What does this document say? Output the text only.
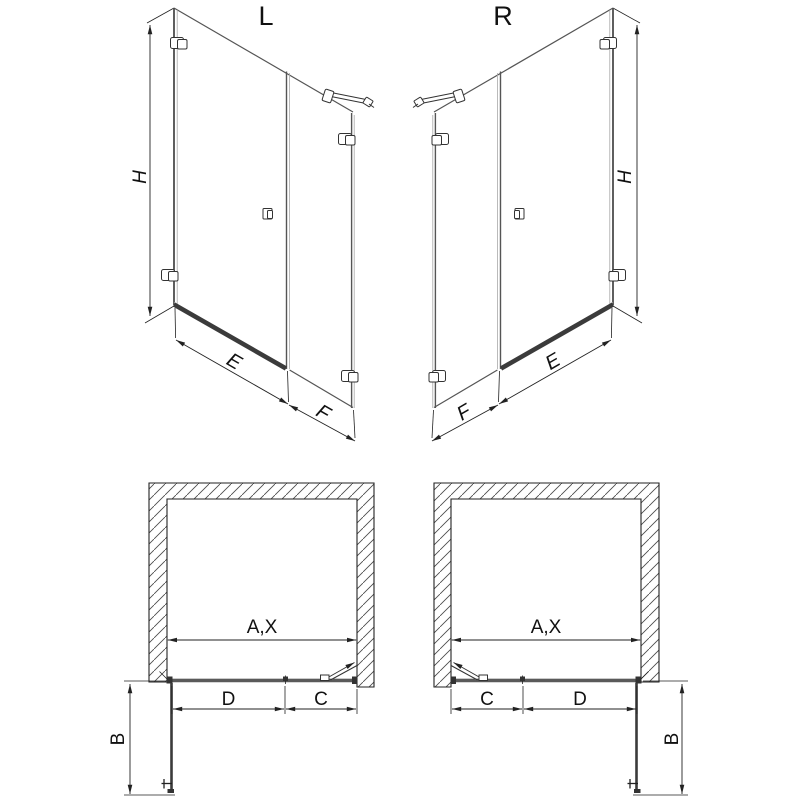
L
H
E
F
R
H
E
F
A,X
B
D	C
A,X
B
C	D
